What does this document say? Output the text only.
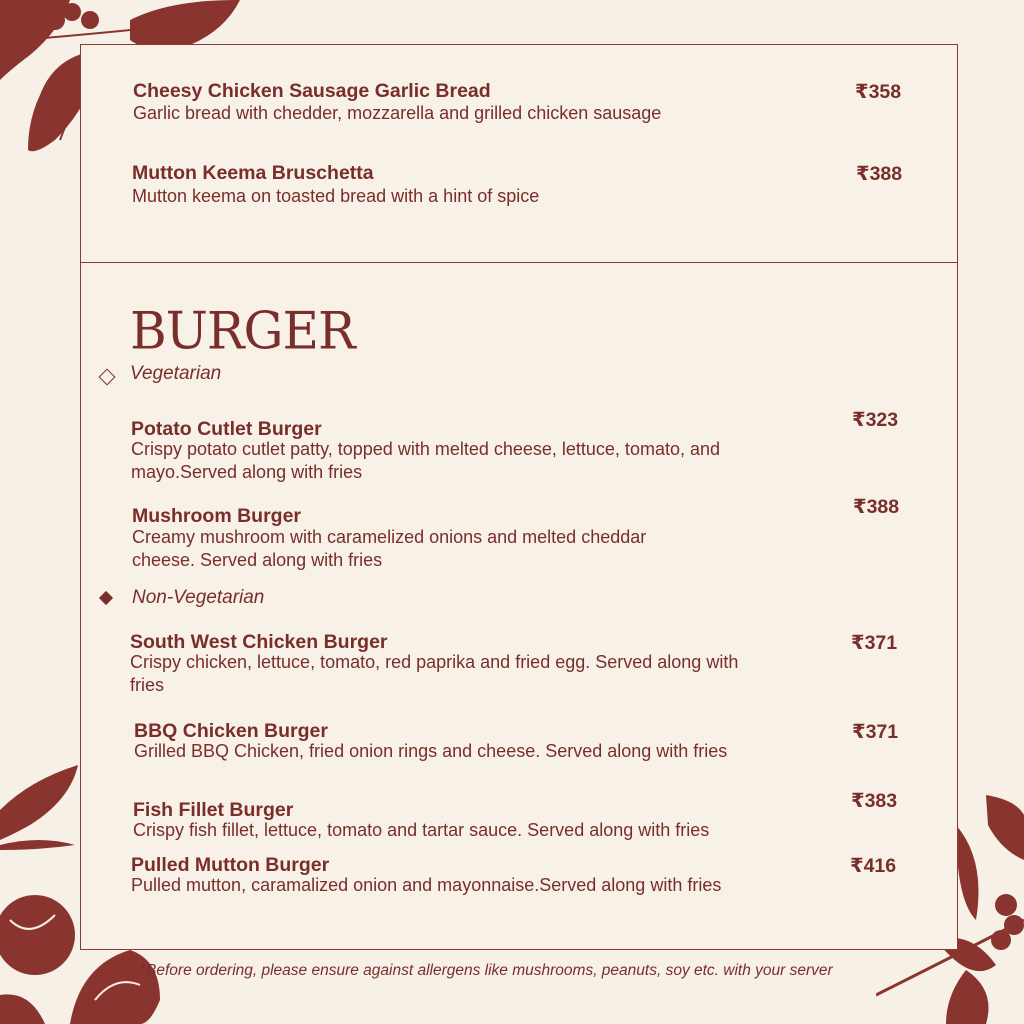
Cheesy Chicken Sausage Garlic Bread
Garlic bread with chedder, mozzarella and grilled chicken sausage
₹358
Mutton Keema Bruschetta
Mutton keema on toasted bread with a hint of spice
₹388
BURGER
Vegetarian
Potato Cutlet Burger
Crispy potato cutlet patty, topped with melted cheese, lettuce, tomato, and mayo.Served along with fries
₹323
Mushroom Burger
Creamy mushroom with caramelized onions and melted cheddar cheese. Served along with fries
₹388
Non-Vegetarian
South West Chicken Burger
Crispy chicken, lettuce, tomato, red paprika and fried egg. Served along with fries
₹371
BBQ Chicken Burger
Grilled BBQ Chicken, fried onion rings and cheese. Served along with fries
₹371
Fish Fillet Burger
Crispy fish fillet, lettuce, tomato and tartar sauce. Served along with fries
₹383
Pulled Mutton Burger
Pulled mutton, caramalized onion and mayonnaise.Served along with fries
₹416
*Before ordering, please ensure against allergens like mushrooms, peanuts, soy etc. with your server
